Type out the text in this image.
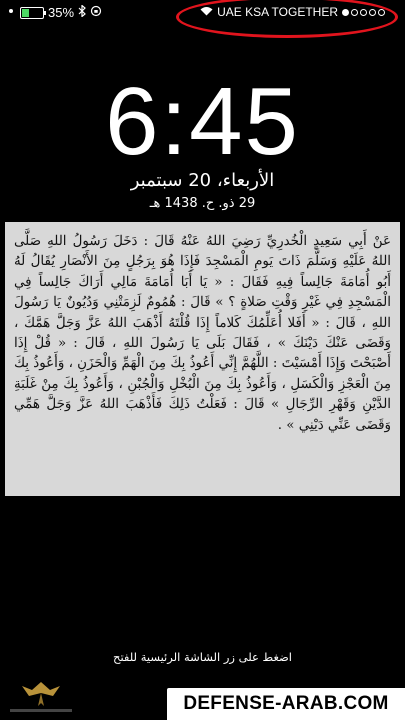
35%	UAE KSA TOGETHER
6:45
الأربعاء، 20 سبتمبر
29 ذو. ح. 1438 هـ
عَنْ أَبِي سَعِيدٍ الْخُدرِيِّ رَضِيَ اللهُ عَنْهُ قَالَ : دَخَلَ رَسُولُ اللهِ صَلَّى اللهُ عَلَيْهِ وَسَلَّمَ ذَاتَ يَومِ الْمَسْجِدَ فَإِذَا هُوَ بِرَجُلٍ مِنَ الأَنْصَارِ يُقَالُ لَهُ أَبُو أُمَامَةَ جَالِساً فِيهِ فَقَالَ : « يَا أَبَا أُمَامَةَ مَالِي أَرَاكَ جَالِساً فِي الْمَسْجِدِ فِي غَيْرِ وَقْتِ صَلاةٍ ؟ » قَالَ : هُمُومٌ لَزِمَتْنِي وَدُيُونٌ يَا رَسُولَ اللهِ ، قَالَ : « أَفَلا أُعَلِّمُكَ كَلاماً إِذَا قُلْتَهُ أَذْهَبَ اللهُ عَزَّ وَجَلَّ هَمَّكَ ، وَقَضَى عَنْكَ دَيْنَكَ » ، فَقَالَ بَلَى يَا رَسُولَ اللهِ ، قَالَ : « قُلْ إِذَا أَصْبَحْتَ وَإِذَا أَمْسَيْتَ : اللَّهُمَّ إِنِّي أَعُوذُ بِكَ مِنَ الْهَمِّ وَالْحَزَنِ ، وَأَعُوذُ بِكَ مِنَ الْعَجْزِ وَالْكَسَلِ ، وَأَعُوذُ بِكَ مِنَ الْبُخْلِ وَالْجُبْنِ ، وَأَعُوذُ بِكَ مِنْ غَلَبَةِ الدَّيْنِ وَقَهْرِ الرِّجَالِ » قَالَ : فَعَلْتُ ذَلِكَ فَأَذْهَبَ اللهُ عَزَّ وَجَلَّ هَمِّي وَقَضَى عَنِّي دَيْنِي » .
اضغط على زر الشاشة الرئيسية للفتح
DEFENSE-ARAB.COM
